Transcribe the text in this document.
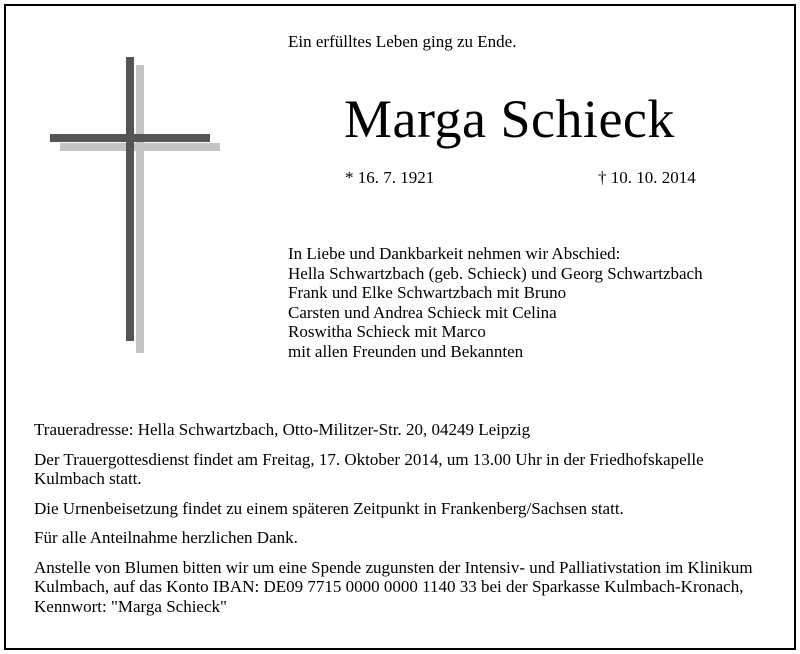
Ein erfülltes Leben ging zu Ende.
Marga Schieck
* 16. 7. 1921	† 10. 10. 2014
In Liebe und Dankbarkeit nehmen wir Abschied:
Hella Schwartzbach (geb. Schieck) und Georg Schwartzbach
Frank und Elke Schwartzbach mit Bruno
Carsten und Andrea Schieck mit Celina
Roswitha Schieck mit Marco
mit allen Freunden und Bekannten

Traueradresse: Hella Schwartzbach, Otto-Militzer-Str. 20, 04249 Leipzig

Der Trauergottesdienst findet am Freitag, 17. Oktober 2014, um 13.00 Uhr in der Friedhofskapelle Kulmbach statt.

Die Urnenbeisetzung findet zu einem späteren Zeitpunkt in Frankenberg/Sachsen statt.

Für alle Anteilnahme herzlichen Dank.

Anstelle von Blumen bitten wir um eine Spende zugunsten der Intensiv- und Palliativstation im Klinikum Kulmbach, auf das Konto IBAN: DE09 7715 0000 0000 1140 33 bei der Sparkasse Kulmbach-Kronach, Kennwort: "Marga Schieck"
